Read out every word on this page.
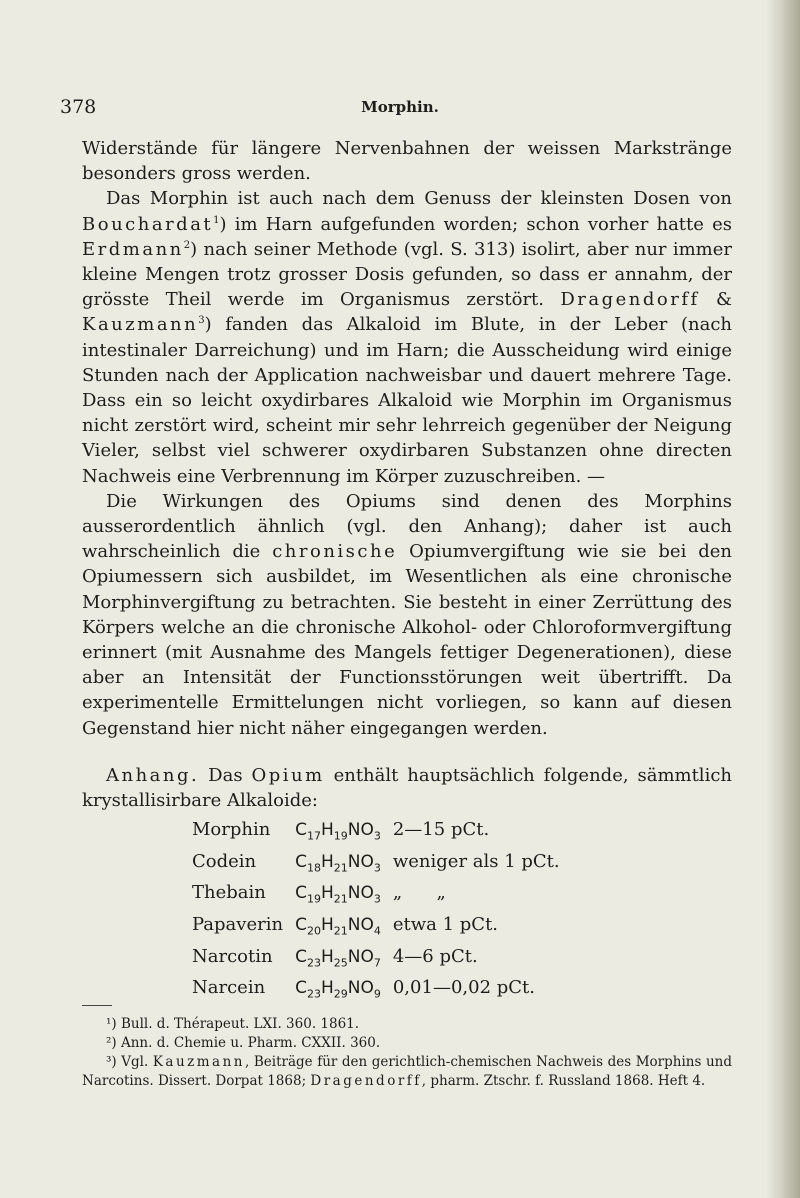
378	Morphin.

Widerstände für längere Nervenbahnen der weissen Markstränge besonders gross werden.

Das Morphin ist auch nach dem Genuss der kleinsten Dosen von Bouchardat$^1$) im Harn aufgefunden worden; schon vorher hatte es Erdmann$^2$) nach seiner Methode (vgl. S. 313) isolirt, aber nur immer kleine Mengen trotz grosser Dosis gefunden, so dass er annahm, der grösste Theil werde im Organismus zerstört. Dragendorff & Kauzmann$^3$) fanden das Alkaloid im Blute, in der Leber (nach intestinaler Darreichung) und im Harn; die Ausscheidung wird einige Stunden nach der Application nachweisbar und dauert mehrere Tage. Dass ein so leicht oxydirbares Alkaloid wie Morphin im Organismus nicht zerstört wird, scheint mir sehr lehrreich gegenüber der Neigung Vieler, selbst viel schwerer oxydirbaren Substanzen ohne directen Nachweis eine Verbrennung im Körper zuzuschreiben. —

Die Wirkungen des Opiums sind denen des Morphins ausserordentlich ähnlich (vgl. den Anhang); daher ist auch wahrscheinlich die chronische Opiumvergiftung wie sie bei den Opiumessern sich ausbildet, im Wesentlichen als eine chronische Morphinvergiftung zu betrachten. Sie besteht in einer Zerrüttung des Körpers welche an die chronische Alkohol- oder Chloroformvergiftung erinnert (mit Ausnahme des Mangels fettiger Degenerationen), diese aber an Intensität der Functionsstörungen weit übertrifft. Da experimentelle Ermittelungen nicht vorliegen, so kann auf diesen Gegenstand hier nicht näher eingegangen werden.

Anhang. Das Opium enthält hauptsächlich folgende, sämmtlich krystallisirbare Alkaloide:

Morphin	$C_{17}H_{19}NO_3$	2—15 pCt.
Codein	$C_{18}H_{21}NO_3$	weniger als 1 pCt.
Thebain	$C_{19}H_{21}NO_3$	„      „
Papaverin	$C_{20}H_{21}NO_4$	etwa 1 pCt.
Narcotin	$C_{23}H_{25}NO_7$	4—6 pCt.
Narcein	$C_{23}H_{29}NO_9$	0,01—0,02 pCt.
¹) Bull. d. Thérapeut. LXI. 360. 1861.
²) Ann. d. Chemie u. Pharm. CXXII. 360.
³) Vgl. Kauzmann, Beiträge für den gerichtlich-chemischen Nachweis des Morphins und Narcotins. Dissert. Dorpat 1868; Dragendorff, pharm. Ztschr. f. Russland 1868. Heft 4.
